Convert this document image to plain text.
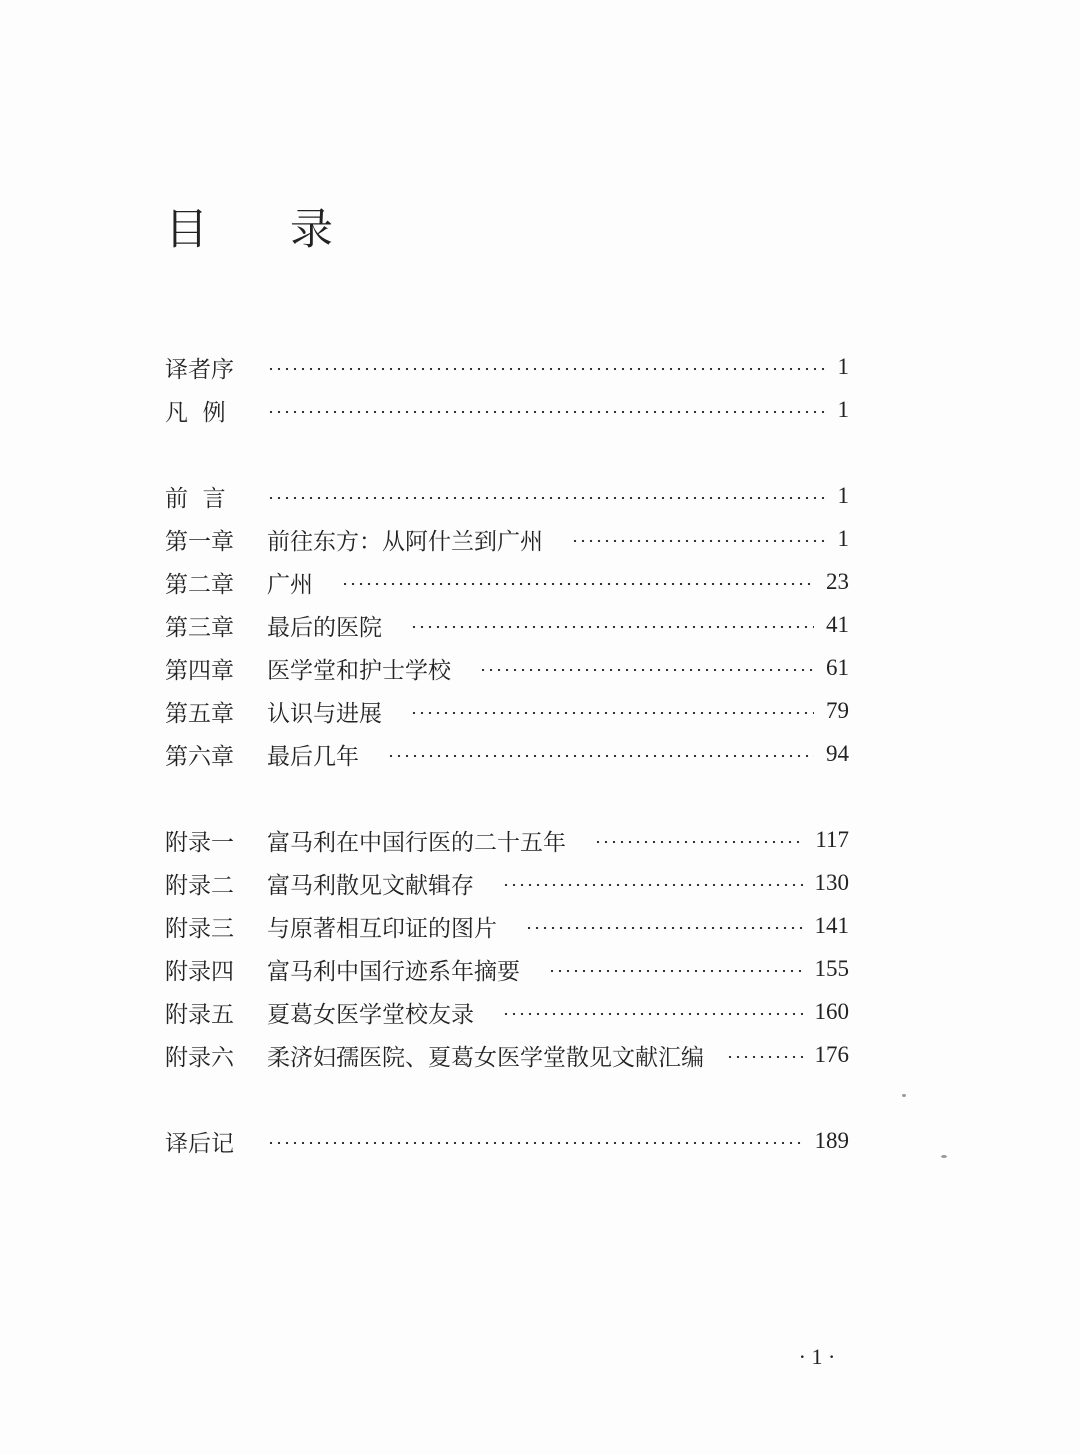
目 录
译者序	1
凡  例	1
前  言	1
第一章	前往东方：从阿什兰到广州	1
第二章	广州	23
第三章	最后的医院	41
第四章	医学堂和护士学校	61
第五章	认识与进展	79
第六章	最后几年	94
附录一	富马利在中国行医的二十五年	117
附录二	富马利散见文献辑存	130
附录三	与原著相互印证的图片	141
附录四	富马利中国行迹系年摘要	155
附录五	夏葛女医学堂校友录	160
附录六	柔济妇孺医院、夏葛女医学堂散见文献汇编	176
译后记	189
· 1 ·
